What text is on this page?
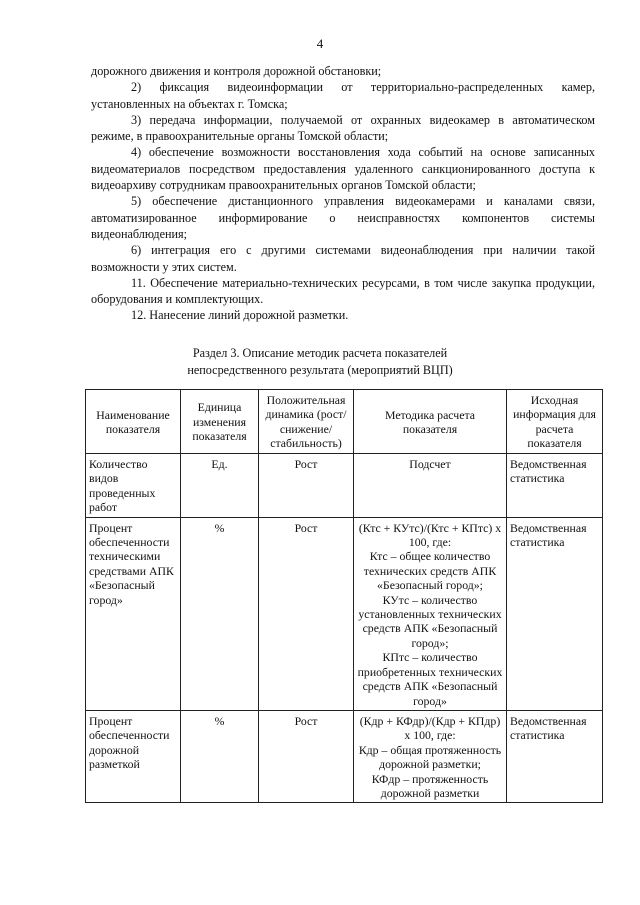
4

дорожного движения и контроля дорожной обстановки;

2) фиксация видеоинформации от территориально-распределенных камер, установленных на объектах г. Томска;

3) передача информации, получаемой от охранных видеокамер в автоматическом режиме, в правоохранительные органы Томской области;

4) обеспечение возможности восстановления хода событий на основе записанных видеоматериалов посредством предоставления удаленного санкционированного доступа к видеоархиву сотрудникам правоохранительных органов Томской области;

5) обеспечение дистанционного управления видеокамерами и каналами связи, автоматизированное информирование о неисправностях компонентов системы видеонаблюдения;

6) интеграция его с другими системами видеонаблюдения при наличии такой возможности у этих систем.

11. Обеспечение материально-технических ресурсами, в том числе закупка продукции, оборудования и комплектующих.

12. Нанесение линий дорожной разметки.

Раздел 3. Описание методик расчета показателей
непосредственного результата (мероприятий ВЦП)
Наименование показателя	Единица изменения показателя	Положительная динамика (рост/снижение/ стабильность)	Методика расчета показателя	Исходная информация для расчета показателя
Количество видов проведенных работ	Ед.	Рост	Подсчет	Ведомственная статистика
Процент обеспеченности техническими средствами АПК «Безопасный город»	%	Рост	(Ктс + КУтс)/(Ктс + КПтс) х 100, где:
Ктс – общее количество технических средств АПК «Безопасный город»;
КУтс – количество установленных технических средств АПК «Безопасный город»;
КПтс – количество приобретенных технических средств АПК «Безопасный город»	Ведомственная статистика
Процент обеспеченности дорожной разметкой	%	Рост	(Кдр + КФдр)/(Кдр + КПдр) х 100, где:
Кдр – общая протяженность дорожной разметки;
КФдр – протяженность дорожной разметки	Ведомственная статистика
